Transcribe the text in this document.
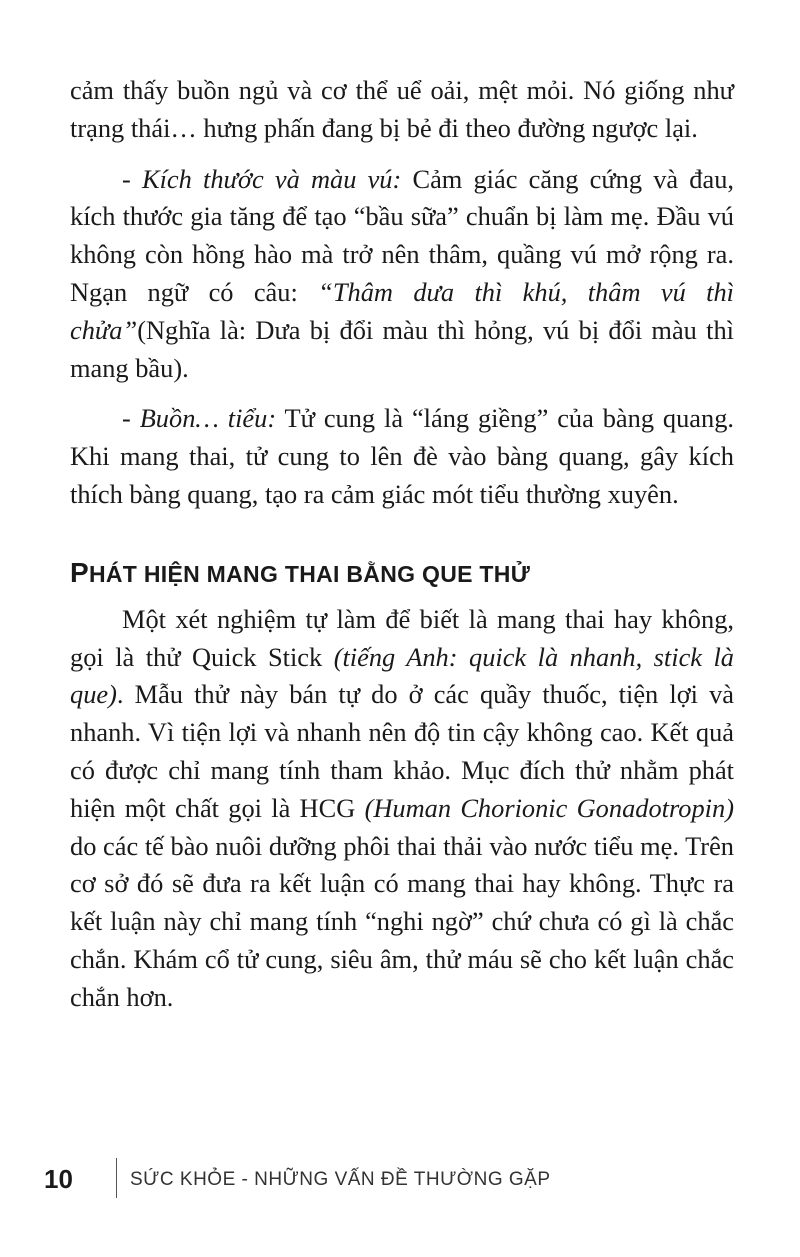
cảm thấy buồn ngủ và cơ thể uể oải, mệt mỏi. Nó giống như trạng thái… hưng phấn đang bị bẻ đi theo đường ngược lại.

- Kích thước và màu vú: Cảm giác căng cứng và đau, kích thước gia tăng để tạo “bầu sữa” chuẩn bị làm mẹ. Đầu vú không còn hồng hào mà trở nên thâm, quầng vú mở rộng ra. Ngạn ngữ có câu: “Thâm dưa thì khú, thâm vú thì chửa”(Nghĩa là: Dưa bị đổi màu thì hỏng, vú bị đổi màu thì mang bầu).

- Buồn… tiểu: Tử cung là “láng giềng” của bàng quang. Khi mang thai, tử cung to lên đè vào bàng quang, gây kích thích bàng quang, tạo ra cảm giác mót tiểu thường xuyên.

PHÁT HIỆN MANG THAI BẰNG QUE THỬ

Một xét nghiệm tự làm để biết là mang thai hay không, gọi là thử Quick Stick (tiếng Anh: quick là nhanh, stick là que). Mẫu thử này bán tự do ở các quầy thuốc, tiện lợi và nhanh. Vì tiện lợi và nhanh nên độ tin cậy không cao. Kết quả có được chỉ mang tính tham khảo. Mục đích thử nhằm phát hiện một chất gọi là HCG (Human Chorionic Gonadotropin) do các tế bào nuôi dưỡng phôi thai thải vào nước tiểu mẹ. Trên cơ sở đó sẽ đưa ra kết luận có mang thai hay không. Thực ra kết luận này chỉ mang tính “nghi ngờ” chứ chưa có gì là chắc chắn. Khám cổ tử cung, siêu âm, thử máu sẽ cho kết luận chắc chắn hơn.

10	SỨC KHỎE - NHỮNG VẤN ĐỀ THƯỜNG GẶP
